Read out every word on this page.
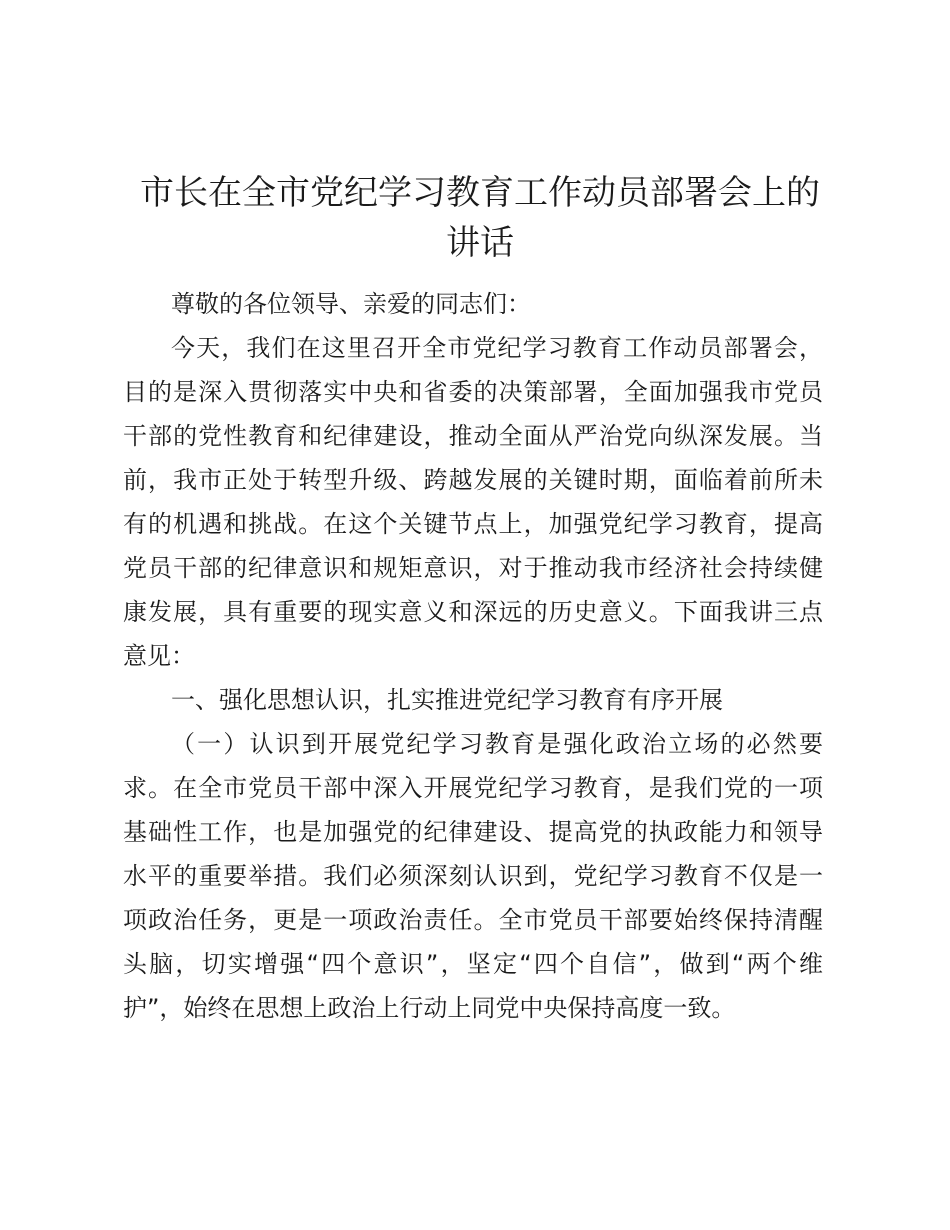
市长在全市党纪学习教育工作动员部署会上的
讲话
尊敬的各位领导、亲爱的同志们：
今天，我们在这里召开全市党纪学习教育工作动员部署会，
目的是深入贯彻落实中央和省委的决策部署，全面加强我市党员
干部的党性教育和纪律建设，推动全面从严治党向纵深发展。当
前，我市正处于转型升级、跨越发展的关键时期，面临着前所未
有的机遇和挑战。在这个关键节点上，加强党纪学习教育，提高
党员干部的纪律意识和规矩意识，对于推动我市经济社会持续健
康发展，具有重要的现实意义和深远的历史意义。下面我讲三点
意见：
一、强化思想认识，扎实推进党纪学习教育有序开展
（一）认识到开展党纪学习教育是强化政治立场的必然要
求。在全市党员干部中深入开展党纪学习教育，是我们党的一项
基础性工作，也是加强党的纪律建设、提高党的执政能力和领导
水平的重要举措。我们必须深刻认识到，党纪学习教育不仅是一
项政治任务，更是一项政治责任。全市党员干部要始终保持清醒
头脑，切实增强“四个意识”，坚定“四个自信”，做到“两个维
护”，始终在思想上政治上行动上同党中央保持高度一致。
